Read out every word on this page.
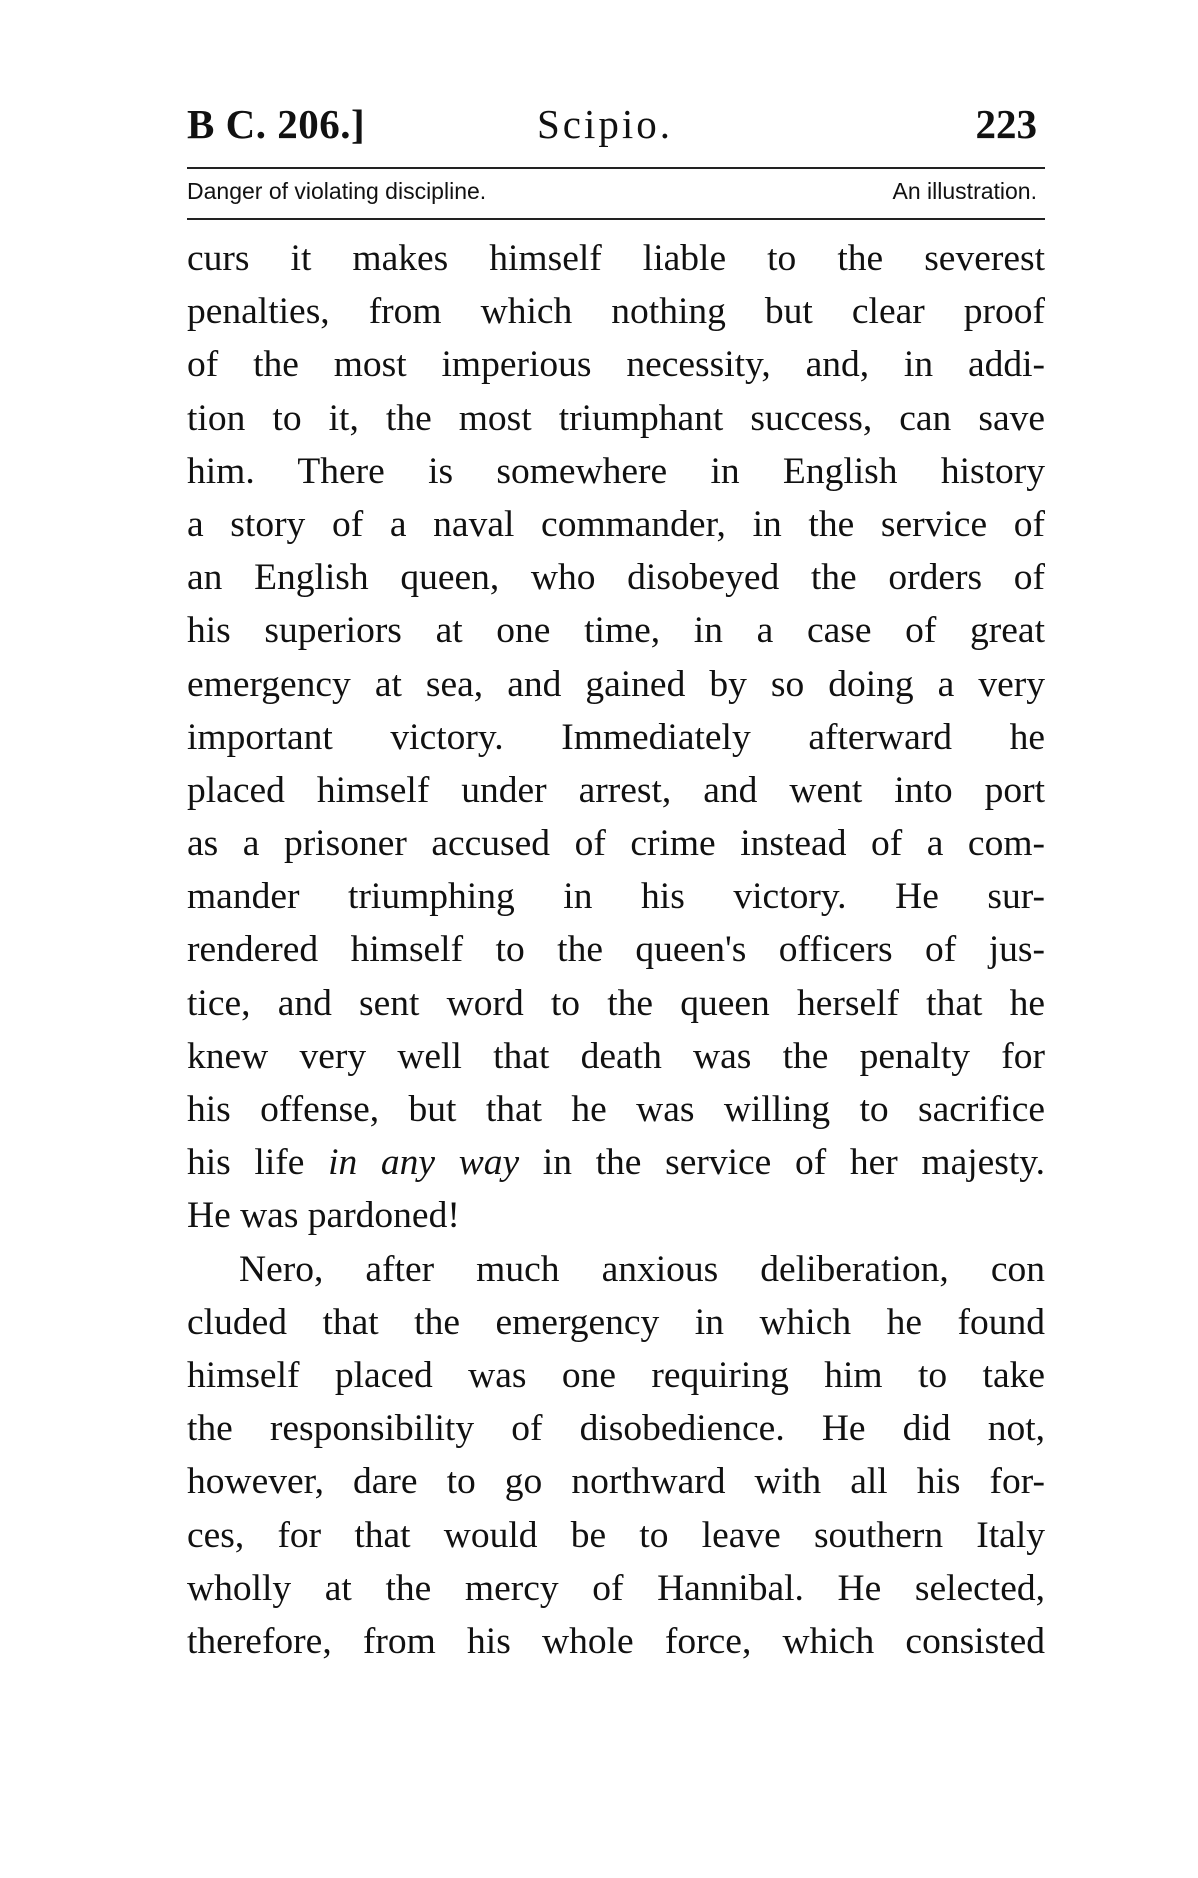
B C. 206.]	Scipio.	223
Danger of violating discipline.	An illustration.
curs it makes himself liable to the severest
penalties, from which nothing but clear proof
of the most imperious necessity, and, in addi-
tion to it, the most triumphant success, can save
him. There is somewhere in English history
a story of a naval commander, in the service of
an English queen, who disobeyed the orders of
his superiors at one time, in a case of great
emergency at sea, and gained by so doing a very
important victory. Immediately afterward he
placed himself under arrest, and went into port
as a prisoner accused of crime instead of a com-
mander triumphing in his victory. He sur-
rendered himself to the queen's officers of jus-
tice, and sent word to the queen herself that he
knew very well that death was the penalty for
his offense, but that he was willing to sacrifice
his life in any way in the service of her majesty.
He was pardoned!
Nero, after much anxious deliberation, con
cluded that the emergency in which he found
himself placed was one requiring him to take
the responsibility of disobedience. He did not,
however, dare to go northward with all his for-
ces, for that would be to leave southern Italy
wholly at the mercy of Hannibal. He selected,
therefore, from his whole force, which consisted
